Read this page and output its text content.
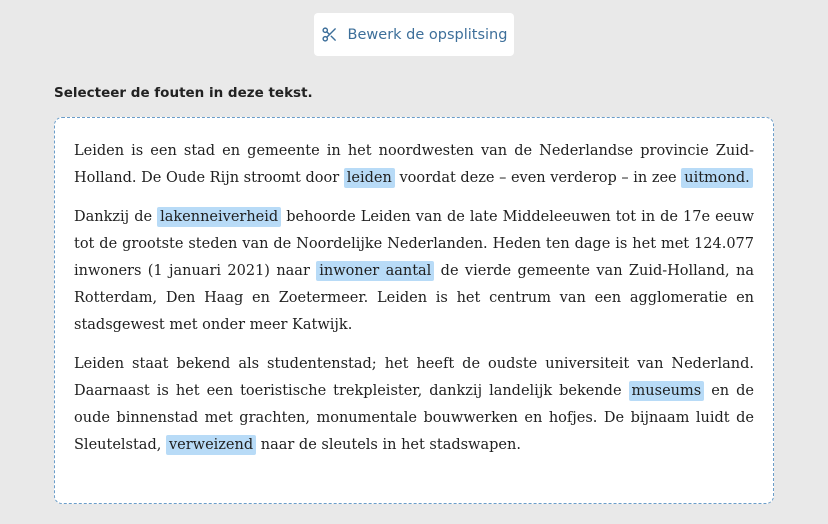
Bewerk de opsplitsing
Selecteer de fouten in deze tekst.

Leiden is een stad en gemeente in het noordwesten van de Nederlandse provincie Zuid-Holland. De Oude Rijn stroomt door leiden voordat deze – even verderop – in zee uitmond.

Dankzij de lakenneiverheid behoorde Leiden van de late Middeleeuwen tot in de 17e eeuw tot de grootste steden van de Noordelijke Nederlanden. Heden ten dage is het met 124.077 inwoners (1 januari 2021) naar inwoner aantal de vierde gemeente van Zuid-Holland, na Rotterdam, Den Haag en Zoetermeer. Leiden is het centrum van een agglomeratie en stadsgewest met onder meer Katwijk.

Leiden staat bekend als studentenstad; het heeft de oudste universiteit van Nederland. Daarnaast is het een toeristische trekpleister, dankzij landelijk bekende museums en de oude binnenstad met grachten, monumentale bouwwerken en hofjes. De bijnaam luidt de Sleutelstad, verweizend naar de sleutels in het stadswapen.
